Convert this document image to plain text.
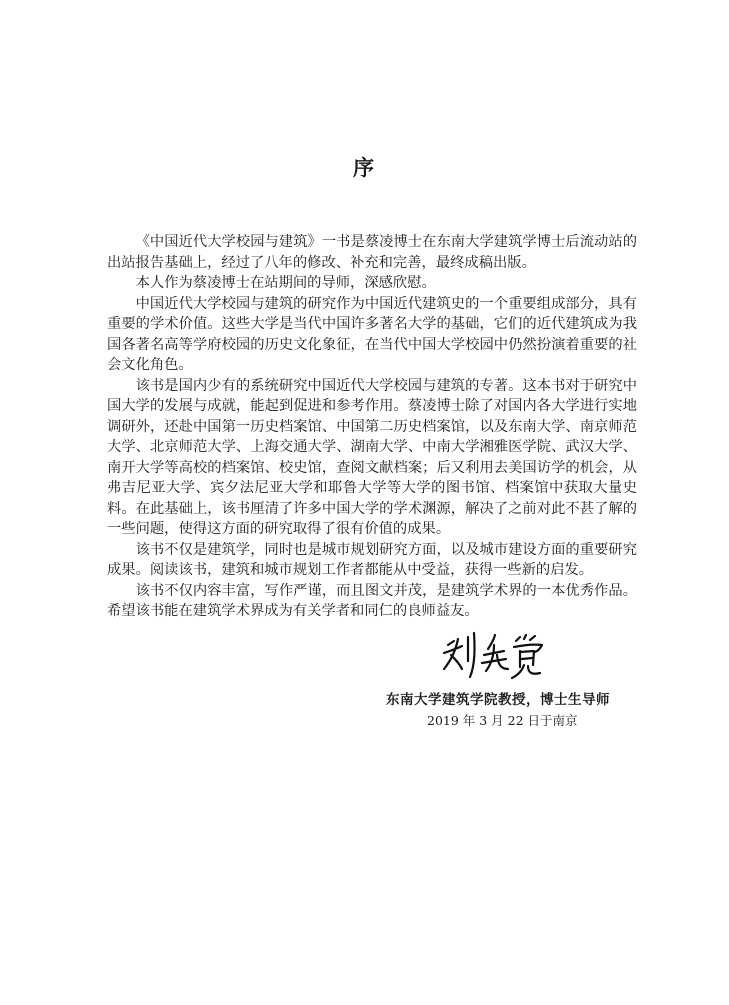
序

《中国近代大学校园与建筑》一书是蔡凌博士在东南大学建筑学博士后流动站的出站报告基础上，经过了八年的修改、补充和完善，最终成稿出版。

本人作为蔡凌博士在站期间的导师，深感欣慰。

中国近代大学校园与建筑的研究作为中国近代建筑史的一个重要组成部分，具有重要的学术价值。这些大学是当代中国许多著名大学的基础，它们的近代建筑成为我国各著名高等学府校园的历史文化象征，在当代中国大学校园中仍然扮演着重要的社会文化角色。

该书是国内少有的系统研究中国近代大学校园与建筑的专著。这本书对于研究中国大学的发展与成就，能起到促进和参考作用。蔡凌博士除了对国内各大学进行实地调研外，还赴中国第一历史档案馆、中国第二历史档案馆，以及东南大学、南京师范大学、北京师范大学、上海交通大学、湖南大学、中南大学湘雅医学院、武汉大学、南开大学等高校的档案馆、校史馆，查阅文献档案；后又利用去美国访学的机会，从弗吉尼亚大学、宾夕法尼亚大学和耶鲁大学等大学的图书馆、档案馆中获取大量史料。在此基础上，该书厘清了许多中国大学的学术渊源，解决了之前对此不甚了解的一些问题，使得这方面的研究取得了很有价值的成果。

该书不仅是建筑学，同时也是城市规划研究方面，以及城市建设方面的重要研究成果。阅读该书，建筑和城市规划工作者都能从中受益，获得一些新的启发。

该书不仅内容丰富，写作严谨，而且图文并茂，是建筑学术界的一本优秀作品。希望该书能在建筑学术界成为有关学者和同仁的良师益友。

东南大学建筑学院教授，博士生导师
2019 年 3 月 22 日于南京
